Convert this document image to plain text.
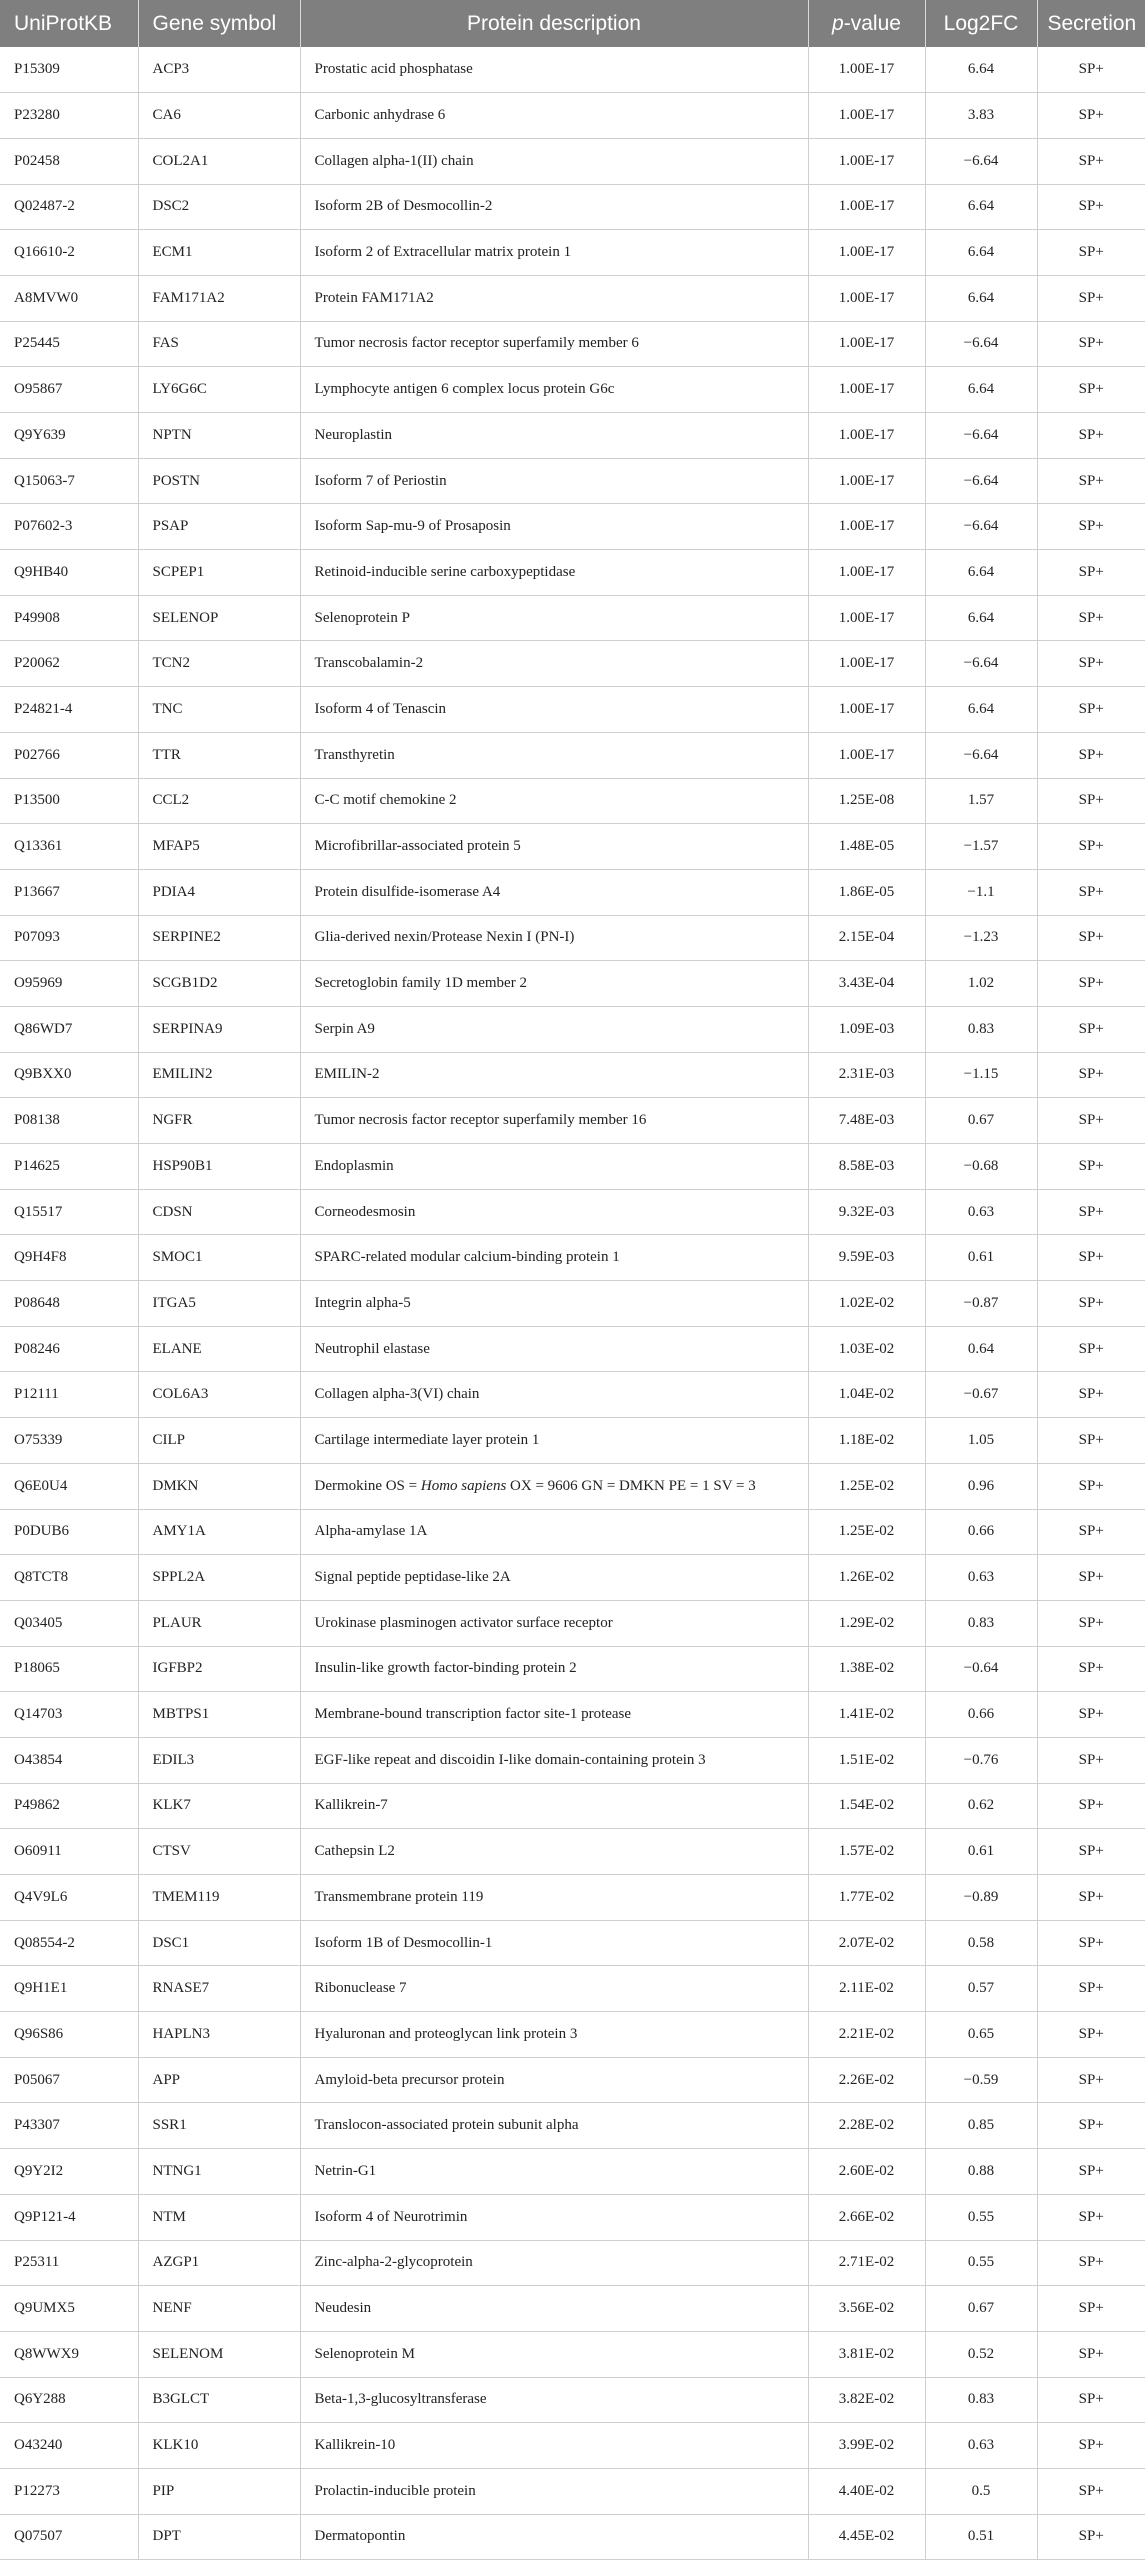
UniProtKB	Gene symbol	Protein description	p-value	Log2FC	Secretion
P15309	ACP3	Prostatic acid phosphatase	1.00E-17	6.64	SP+
P23280	CA6	Carbonic anhydrase 6	1.00E-17	3.83	SP+
P02458	COL2A1	Collagen alpha-1(II) chain	1.00E-17	−6.64	SP+
Q02487-2	DSC2	Isoform 2B of Desmocollin-2	1.00E-17	6.64	SP+
Q16610-2	ECM1	Isoform 2 of Extracellular matrix protein 1	1.00E-17	6.64	SP+
A8MVW0	FAM171A2	Protein FAM171A2	1.00E-17	6.64	SP+
P25445	FAS	Tumor necrosis factor receptor superfamily member 6	1.00E-17	−6.64	SP+
O95867	LY6G6C	Lymphocyte antigen 6 complex locus protein G6c	1.00E-17	6.64	SP+
Q9Y639	NPTN	Neuroplastin	1.00E-17	−6.64	SP+
Q15063-7	POSTN	Isoform 7 of Periostin	1.00E-17	−6.64	SP+
P07602-3	PSAP	Isoform Sap-mu-9 of Prosaposin	1.00E-17	−6.64	SP+
Q9HB40	SCPEP1	Retinoid-inducible serine carboxypeptidase	1.00E-17	6.64	SP+
P49908	SELENOP	Selenoprotein P	1.00E-17	6.64	SP+
P20062	TCN2	Transcobalamin-2	1.00E-17	−6.64	SP+
P24821-4	TNC	Isoform 4 of Tenascin	1.00E-17	6.64	SP+
P02766	TTR	Transthyretin	1.00E-17	−6.64	SP+
P13500	CCL2	C-C motif chemokine 2	1.25E-08	1.57	SP+
Q13361	MFAP5	Microfibrillar-associated protein 5	1.48E-05	−1.57	SP+
P13667	PDIA4	Protein disulfide-isomerase A4	1.86E-05	−1.1	SP+
P07093	SERPINE2	Glia-derived nexin/Protease Nexin I (PN-I)	2.15E-04	−1.23	SP+
O95969	SCGB1D2	Secretoglobin family 1D member 2	3.43E-04	1.02	SP+
Q86WD7	SERPINA9	Serpin A9	1.09E-03	0.83	SP+
Q9BXX0	EMILIN2	EMILIN-2	2.31E-03	−1.15	SP+
P08138	NGFR	Tumor necrosis factor receptor superfamily member 16	7.48E-03	0.67	SP+
P14625	HSP90B1	Endoplasmin	8.58E-03	−0.68	SP+
Q15517	CDSN	Corneodesmosin	9.32E-03	0.63	SP+
Q9H4F8	SMOC1	SPARC-related modular calcium-binding protein 1	9.59E-03	0.61	SP+
P08648	ITGA5	Integrin alpha-5	1.02E-02	−0.87	SP+
P08246	ELANE	Neutrophil elastase	1.03E-02	0.64	SP+
P12111	COL6A3	Collagen alpha-3(VI) chain	1.04E-02	−0.67	SP+
O75339	CILP	Cartilage intermediate layer protein 1	1.18E-02	1.05	SP+
Q6E0U4	DMKN	Dermokine OS = Homo sapiens OX = 9606 GN = DMKN PE = 1 SV = 3	1.25E-02	0.96	SP+
P0DUB6	AMY1A	Alpha-amylase 1A	1.25E-02	0.66	SP+
Q8TCT8	SPPL2A	Signal peptide peptidase-like 2A	1.26E-02	0.63	SP+
Q03405	PLAUR	Urokinase plasminogen activator surface receptor	1.29E-02	0.83	SP+
P18065	IGFBP2	Insulin-like growth factor-binding protein 2	1.38E-02	−0.64	SP+
Q14703	MBTPS1	Membrane-bound transcription factor site-1 protease	1.41E-02	0.66	SP+
O43854	EDIL3	EGF-like repeat and discoidin I-like domain-containing protein 3	1.51E-02	−0.76	SP+
P49862	KLK7	Kallikrein-7	1.54E-02	0.62	SP+
O60911	CTSV	Cathepsin L2	1.57E-02	0.61	SP+
Q4V9L6	TMEM119	Transmembrane protein 119	1.77E-02	−0.89	SP+
Q08554-2	DSC1	Isoform 1B of Desmocollin-1	2.07E-02	0.58	SP+
Q9H1E1	RNASE7	Ribonuclease 7	2.11E-02	0.57	SP+
Q96S86	HAPLN3	Hyaluronan and proteoglycan link protein 3	2.21E-02	0.65	SP+
P05067	APP	Amyloid-beta precursor protein	2.26E-02	−0.59	SP+
P43307	SSR1	Translocon-associated protein subunit alpha	2.28E-02	0.85	SP+
Q9Y2I2	NTNG1	Netrin-G1	2.60E-02	0.88	SP+
Q9P121-4	NTM	Isoform 4 of Neurotrimin	2.66E-02	0.55	SP+
P25311	AZGP1	Zinc-alpha-2-glycoprotein	2.71E-02	0.55	SP+
Q9UMX5	NENF	Neudesin	3.56E-02	0.67	SP+
Q8WWX9	SELENOM	Selenoprotein M	3.81E-02	0.52	SP+
Q6Y288	B3GLCT	Beta-1,3-glucosyltransferase	3.82E-02	0.83	SP+
O43240	KLK10	Kallikrein-10	3.99E-02	0.63	SP+
P12273	PIP	Prolactin-inducible protein	4.40E-02	0.5	SP+
Q07507	DPT	Dermatopontin	4.45E-02	0.51	SP+
